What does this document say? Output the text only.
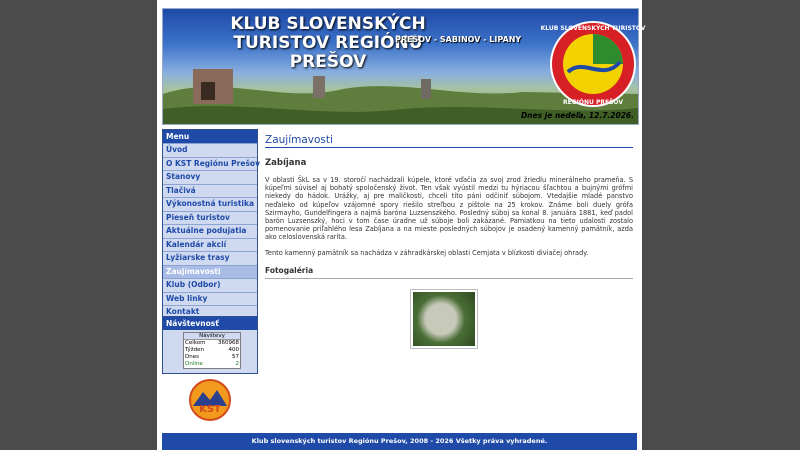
KLUB SLOVENSKÝCH TURISTOV REGIÓNU PREŠOV
PREŠOV - SABINOV - LIPANY
KLUB SLOVENSKÝCH TURISTOV
REGIÓNU PREŠOV
Dnes je nedeľa, 12.7.2026.
Menu
Úvod
O KST Regiónu Prešov
Stanovy
Tlačivá
Výkonostná turistika
Pieseň turistov
Aktuálne podujatia
Kalendár akcií
Lyžiarske trasy
Zaujímavosti
Klub (Odbor)
Web linky
Kontakt
Návštevnosť
Návštevy
Celkom 360968
Týžden	400
Dnes	57
Online	2
KST
Zaujímavosti
Zabíjana

V oblasti ŠkL sa v 19. storočí nachádzali kúpele, ktoré vďačia za svoj zrod žriedlu minerálneho prameňa. S kúpeľmi súvisel aj bohatý spoločenský život. Ten však vyústil medzi tu hýriacou šľachtou a bujnými grófmi niekedy do hádok. Urážky, aj pre maličkosti, chceli títo páni odčiniť súbojom. Vtedajšie mladé panstvo neďaleko od kúpeľov vzájomné spory riešilo streľbou z pištole na 25 krokov. Známe boli duely grófa Szirmayho, Gundelfingera a najmä baróna Luzsenszkého. Posledný súboj sa konal 8. januára 1881, keď padol barón Luzsenszký, hoci v tom čase úradne už súboje boli zakázané. Pamiatkou na tieto udalosti zostalo pomenovanie priľahlého lesa Zabíjana a na mieste posledných súbojov je osadený kamenný pamätník, azda ako celoslovenská rarita.

Tento kamenný pamätník sa nachádza v záhradkárskej oblasti Cemjata v blízkosti diviačej ohrady.

Fotogaléria
Klub slovenských turistov Regiónu Prešov, 2008 - 2026 Všetky práva vyhradené.
